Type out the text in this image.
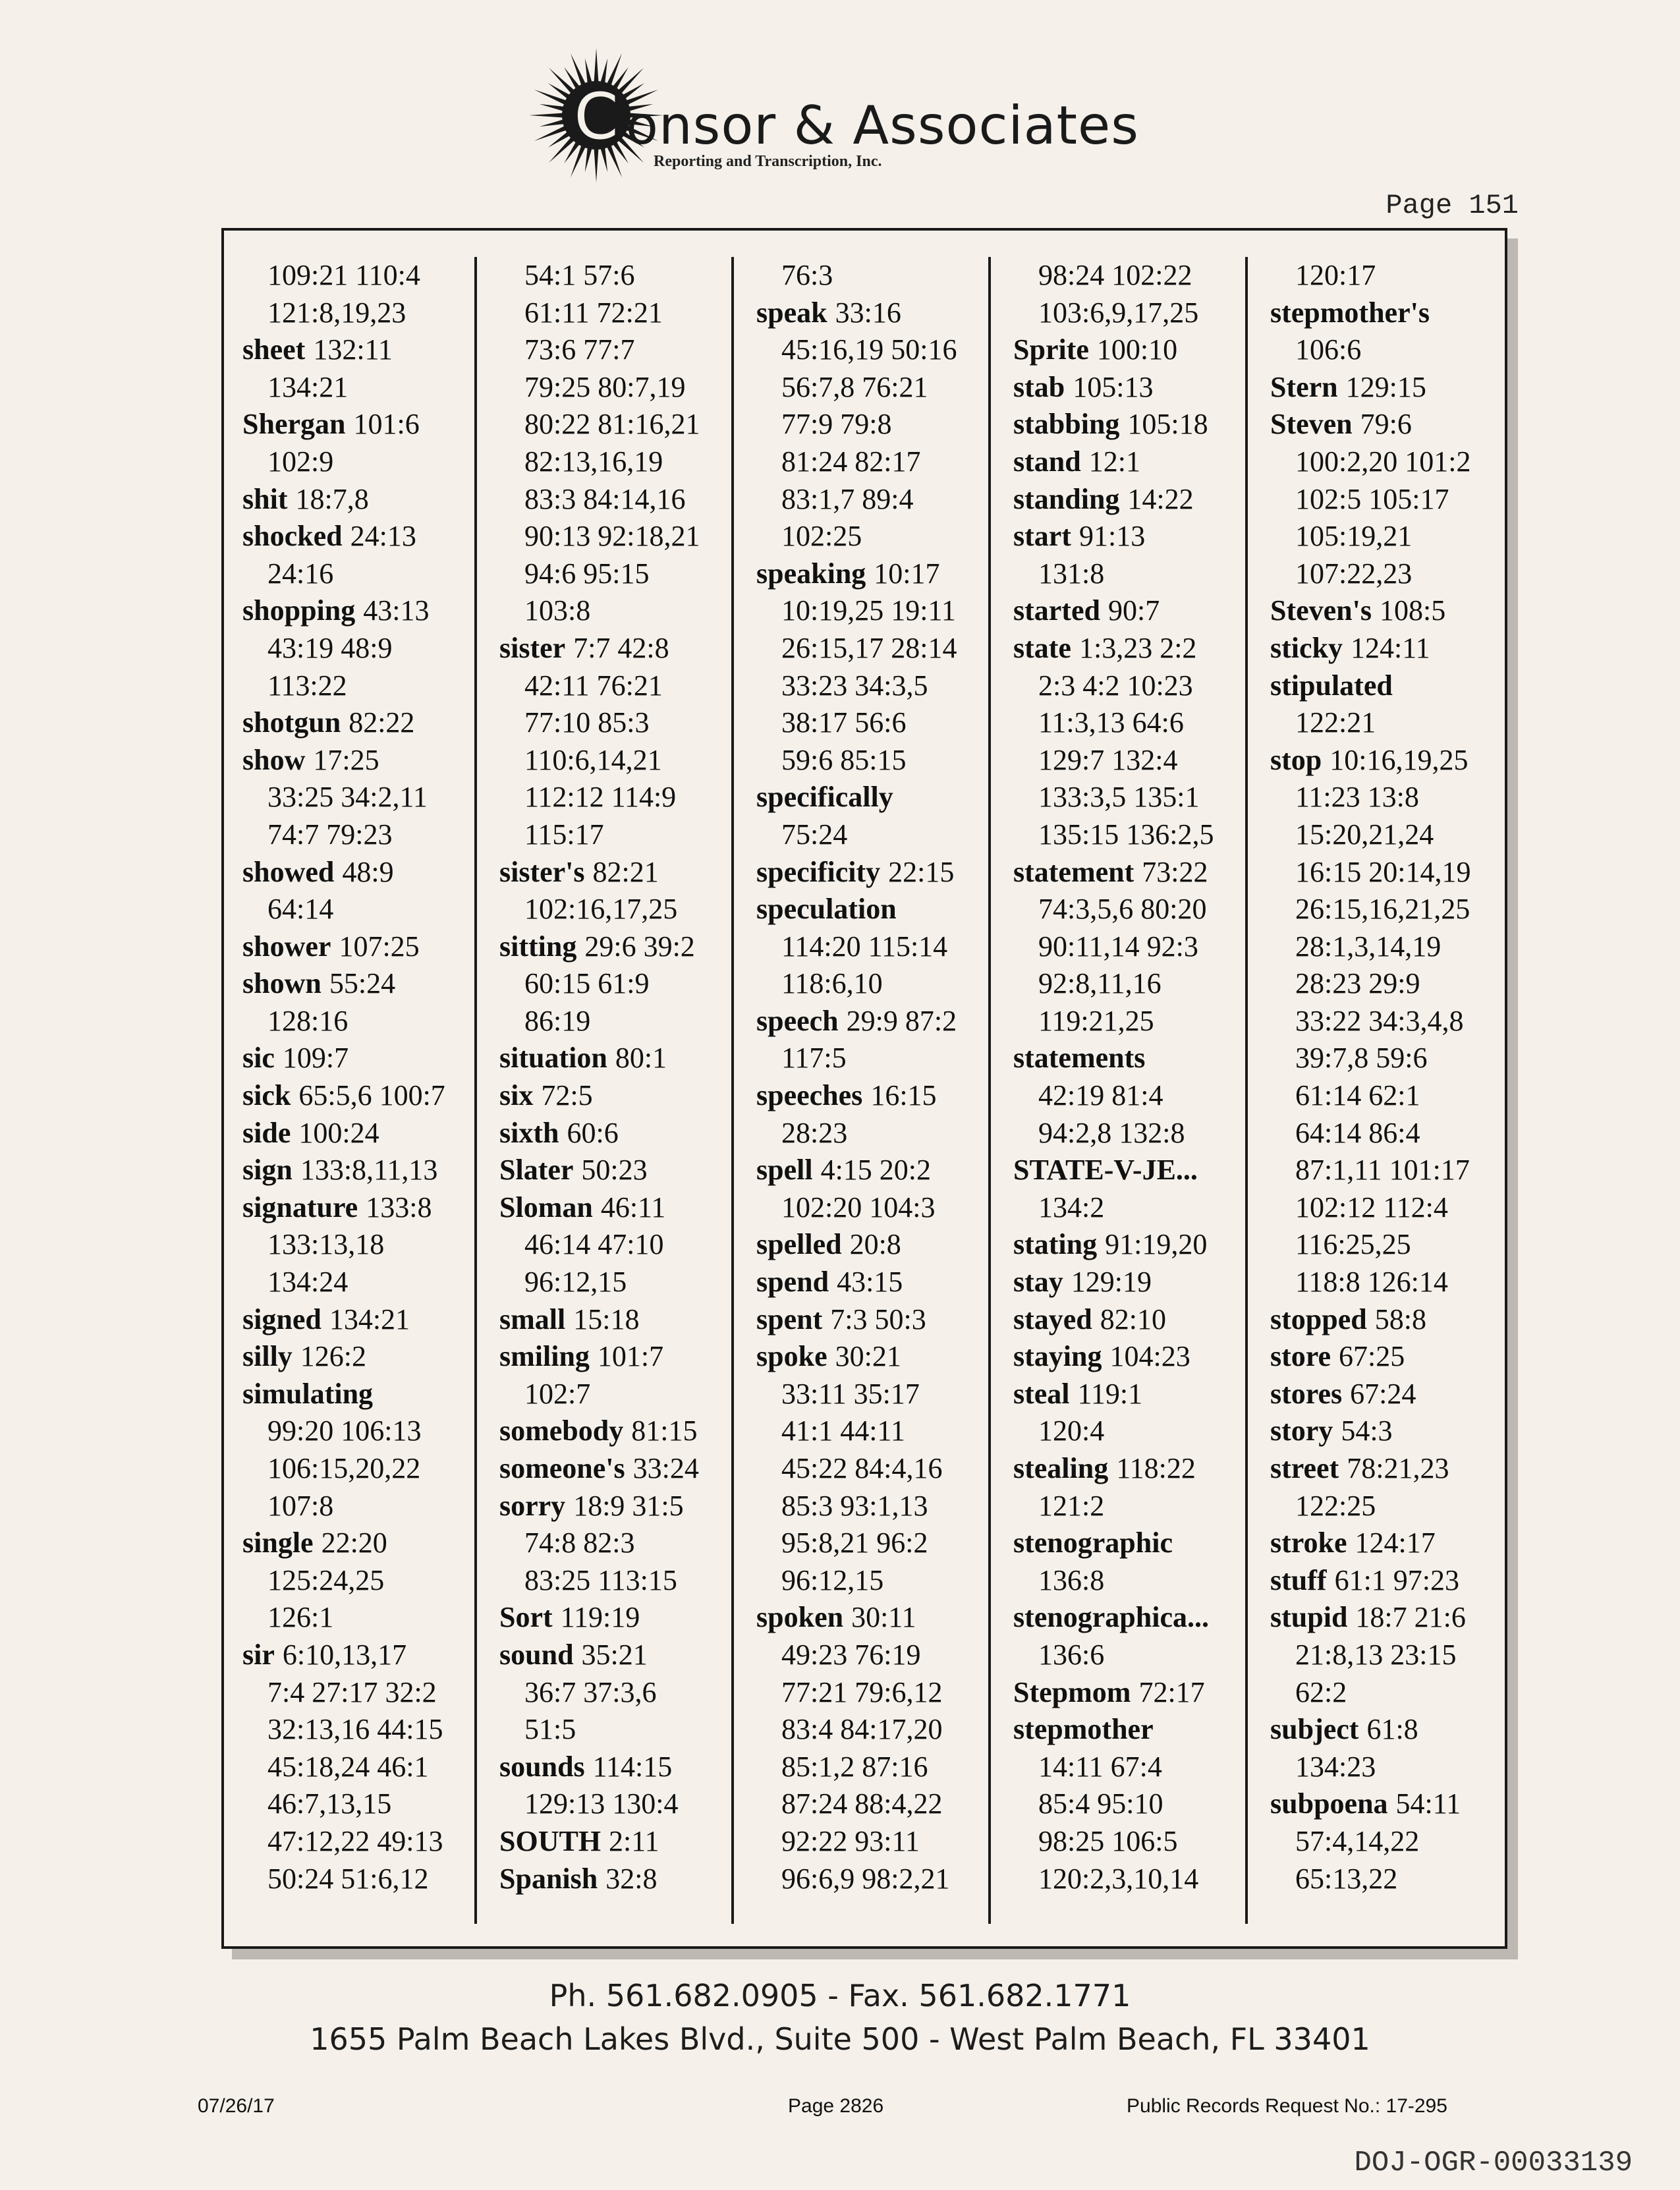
C onsor & Associates
Reporting and Transcription, Inc.
Page 151
109:21 110:4
121:8,19,23
sheet 132:11
134:21
Shergan 101:6
102:9
shit 18:7,8
shocked 24:13
24:16
shopping 43:13
43:19 48:9
113:22
shotgun 82:22
show 17:25
33:25 34:2,11
74:7 79:23
showed 48:9
64:14
shower 107:25
shown 55:24
128:16
sic 109:7
sick 65:5,6 100:7
side 100:24
sign 133:8,11,13
signature 133:8
133:13,18
134:24
signed 134:21
silly 126:2
simulating
99:20 106:13
106:15,20,22
107:8
single 22:20
125:24,25
126:1
sir 6:10,13,17
7:4 27:17 32:2
32:13,16 44:15
45:18,24 46:1
46:7,13,15
47:12,22 49:13
50:24 51:6,12
54:1 57:6
61:11 72:21
73:6 77:7
79:25 80:7,19
80:22 81:16,21
82:13,16,19
83:3 84:14,16
90:13 92:18,21
94:6 95:15
103:8
sister 7:7 42:8
42:11 76:21
77:10 85:3
110:6,14,21
112:12 114:9
115:17
sister's 82:21
102:16,17,25
sitting 29:6 39:2
60:15 61:9
86:19
situation 80:1
six 72:5
sixth 60:6
Slater 50:23
Sloman 46:11
46:14 47:10
96:12,15
small 15:18
smiling 101:7
102:7
somebody 81:15
someone's 33:24
sorry 18:9 31:5
74:8 82:3
83:25 113:15
Sort 119:19
sound 35:21
36:7 37:3,6
51:5
sounds 114:15
129:13 130:4
SOUTH 2:11
Spanish 32:8
76:3
speak 33:16
45:16,19 50:16
56:7,8 76:21
77:9 79:8
81:24 82:17
83:1,7 89:4
102:25
speaking 10:17
10:19,25 19:11
26:15,17 28:14
33:23 34:3,5
38:17 56:6
59:6 85:15
specifically
75:24
specificity 22:15
speculation
114:20 115:14
118:6,10
speech 29:9 87:2
117:5
speeches 16:15
28:23
spell 4:15 20:2
102:20 104:3
spelled 20:8
spend 43:15
spent 7:3 50:3
spoke 30:21
33:11 35:17
41:1 44:11
45:22 84:4,16
85:3 93:1,13
95:8,21 96:2
96:12,15
spoken 30:11
49:23 76:19
77:21 79:6,12
83:4 84:17,20
85:1,2 87:16
87:24 88:4,22
92:22 93:11
96:6,9 98:2,21
98:24 102:22
103:6,9,17,25
Sprite 100:10
stab 105:13
stabbing 105:18
stand 12:1
standing 14:22
start 91:13
131:8
started 90:7
state 1:3,23 2:2
2:3 4:2 10:23
11:3,13 64:6
129:7 132:4
133:3,5 135:1
135:15 136:2,5
statement 73:22
74:3,5,6 80:20
90:11,14 92:3
92:8,11,16
119:21,25
statements
42:19 81:4
94:2,8 132:8
STATE-V-JE...
134:2
stating 91:19,20
stay 129:19
stayed 82:10
staying 104:23
steal 119:1
120:4
stealing 118:22
121:2
stenographic
136:8
stenographica...
136:6
Stepmom 72:17
stepmother
14:11 67:4
85:4 95:10
98:25 106:5
120:2,3,10,14
120:17
stepmother's
106:6
Stern 129:15
Steven 79:6
100:2,20 101:2
102:5 105:17
105:19,21
107:22,23
Steven's 108:5
sticky 124:11
stipulated
122:21
stop 10:16,19,25
11:23 13:8
15:20,21,24
16:15 20:14,19
26:15,16,21,25
28:1,3,14,19
28:23 29:9
33:22 34:3,4,8
39:7,8 59:6
61:14 62:1
64:14 86:4
87:1,11 101:17
102:12 112:4
116:25,25
118:8 126:14
stopped 58:8
store 67:25
stores 67:24
story 54:3
street 78:21,23
122:25
stroke 124:17
stuff 61:1 97:23
stupid 18:7 21:6
21:8,13 23:15
62:2
subject 61:8
134:23
subpoena 54:11
57:4,14,22
65:13,22
Ph. 561.682.0905 - Fax. 561.682.1771
1655 Palm Beach Lakes Blvd., Suite 500 - West Palm Beach, FL 33401
07/26/17	Page 2826	Public Records Request No.: 17-295
DOJ-OGR-00033139
